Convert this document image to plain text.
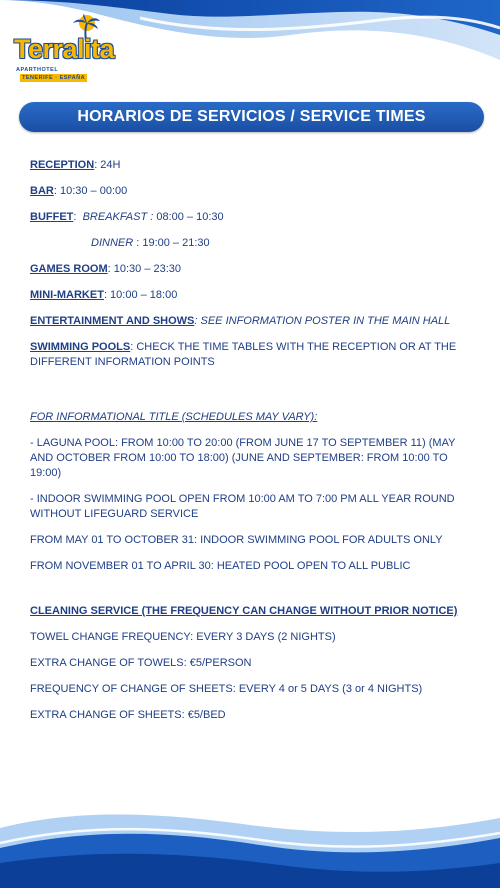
Terralita
APARTHOTELTENERIFE · ESPAÑA
HORARIOS DE SERVICIOS / SERVICE TIMES

RECEPTION: 24H

BAR: 10:30 – 00:00

BUFFET: BREAKFAST : 08:00 – 10:30

DINNER : 19:00 – 21:30

GAMES ROOM: 10:30 – 23:30

MINI-MARKET: 10:00 – 18:00

ENTERTAINMENT AND SHOWS: SEE INFORMATION POSTER IN THE MAIN HALL

SWIMMING POOLS: CHECK THE TIME TABLES WITH THE RECEPTION OR AT THE DIFFERENT INFORMATION POINTS

FOR INFORMATIONAL TITLE (SCHEDULES MAY VARY):

- LAGUNA POOL: FROM 10:00 TO 20:00 (FROM JUNE 17 TO SEPTEMBER 11) (MAY AND OCTOBER FROM 10:00 TO 18:00) (JUNE AND SEPTEMBER: FROM 10:00 TO 19:00)

- INDOOR SWIMMING POOL OPEN FROM 10:00 AM TO 7:00 PM ALL YEAR ROUND WITHOUT LIFEGUARD SERVICE

FROM MAY 01 TO OCTOBER 31: INDOOR SWIMMING POOL FOR ADULTS ONLY

FROM NOVEMBER 01 TO APRIL 30: HEATED POOL OPEN TO ALL PUBLIC

CLEANING SERVICE (THE FREQUENCY CAN CHANGE WITHOUT PRIOR NOTICE)

TOWEL CHANGE FREQUENCY: EVERY 3 DAYS (2 NIGHTS)

EXTRA CHANGE OF TOWELS: €5/PERSON

FREQUENCY OF CHANGE OF SHEETS: EVERY 4 or 5 DAYS (3 or 4 NIGHTS)

EXTRA CHANGE OF SHEETS: €5/BED
